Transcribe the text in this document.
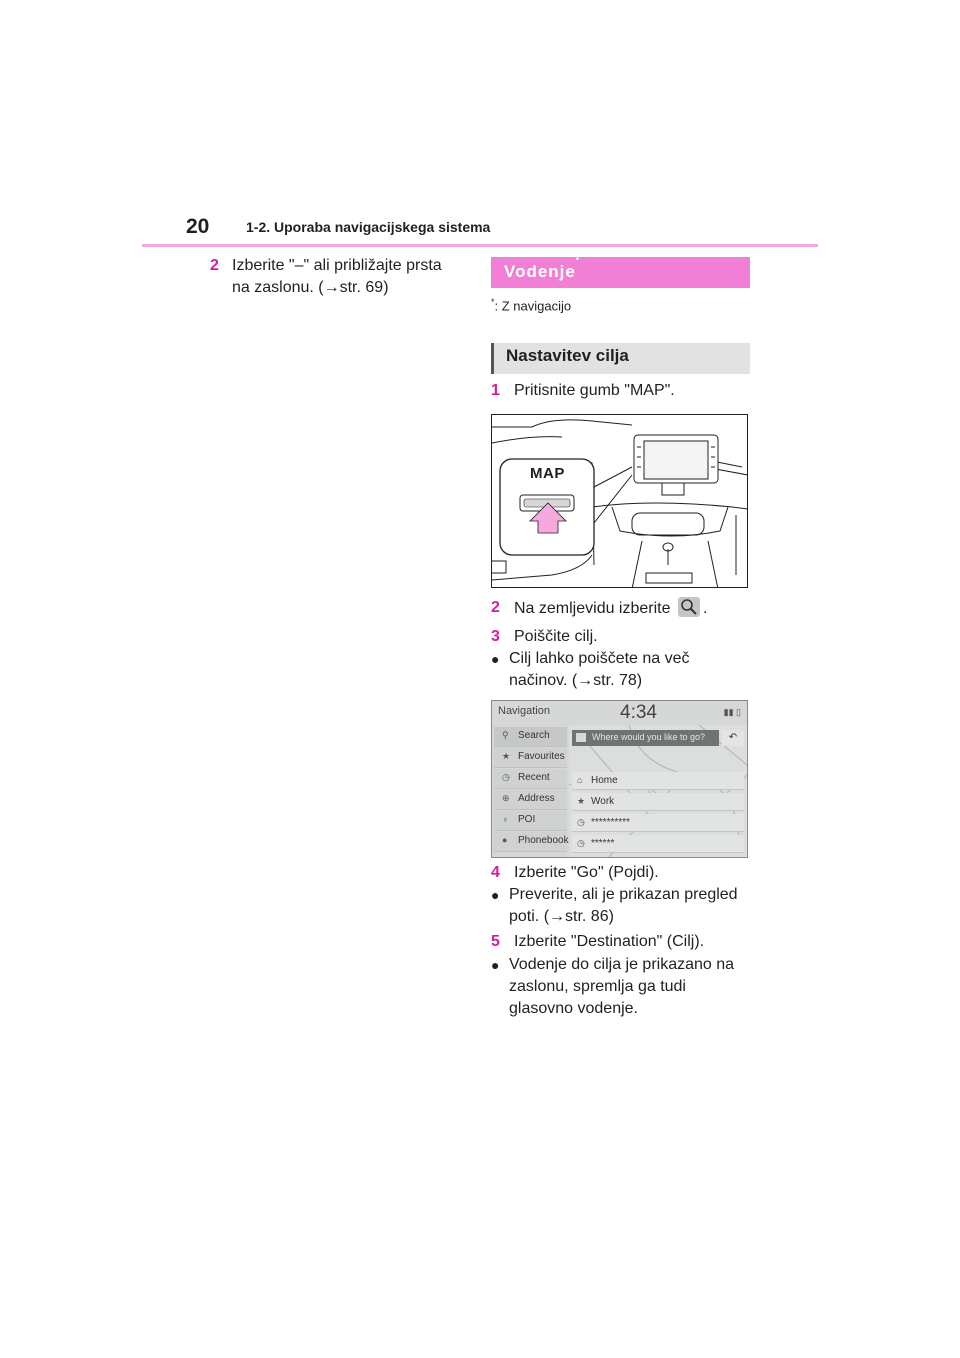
20	1-2. Uporaba navigacijskega sistema
2 Izberite "–" ali približajte prsta na zaslonu. (→str. 69)
Vodenje*
*: Z navigacijo
Nastavitev cilja
1 Pritisnite gumb "MAP".
MAP
2 Na zemljevidu izberite .
3 Poiščite cilj.
● Cilj lahko poiščete na več načinov. (→str. 78)
Navigation	4:34	▮▮ ▯
⚲ Search
★ Favourites
◷ Recent
⊕ Address
♁ POI
● Phonebook
Where would you like to go?	↶
⌂ Home
★ Work
◷ **********
◷ ******
4 Izberite "Go" (Pojdi).
● Preverite, ali je prikazan pregled poti. (→str. 86)
5 Izberite "Destination" (Cilj).
● Vodenje do cilja je prikazano na zaslonu, spremlja ga tudi glasovno vodenje.
